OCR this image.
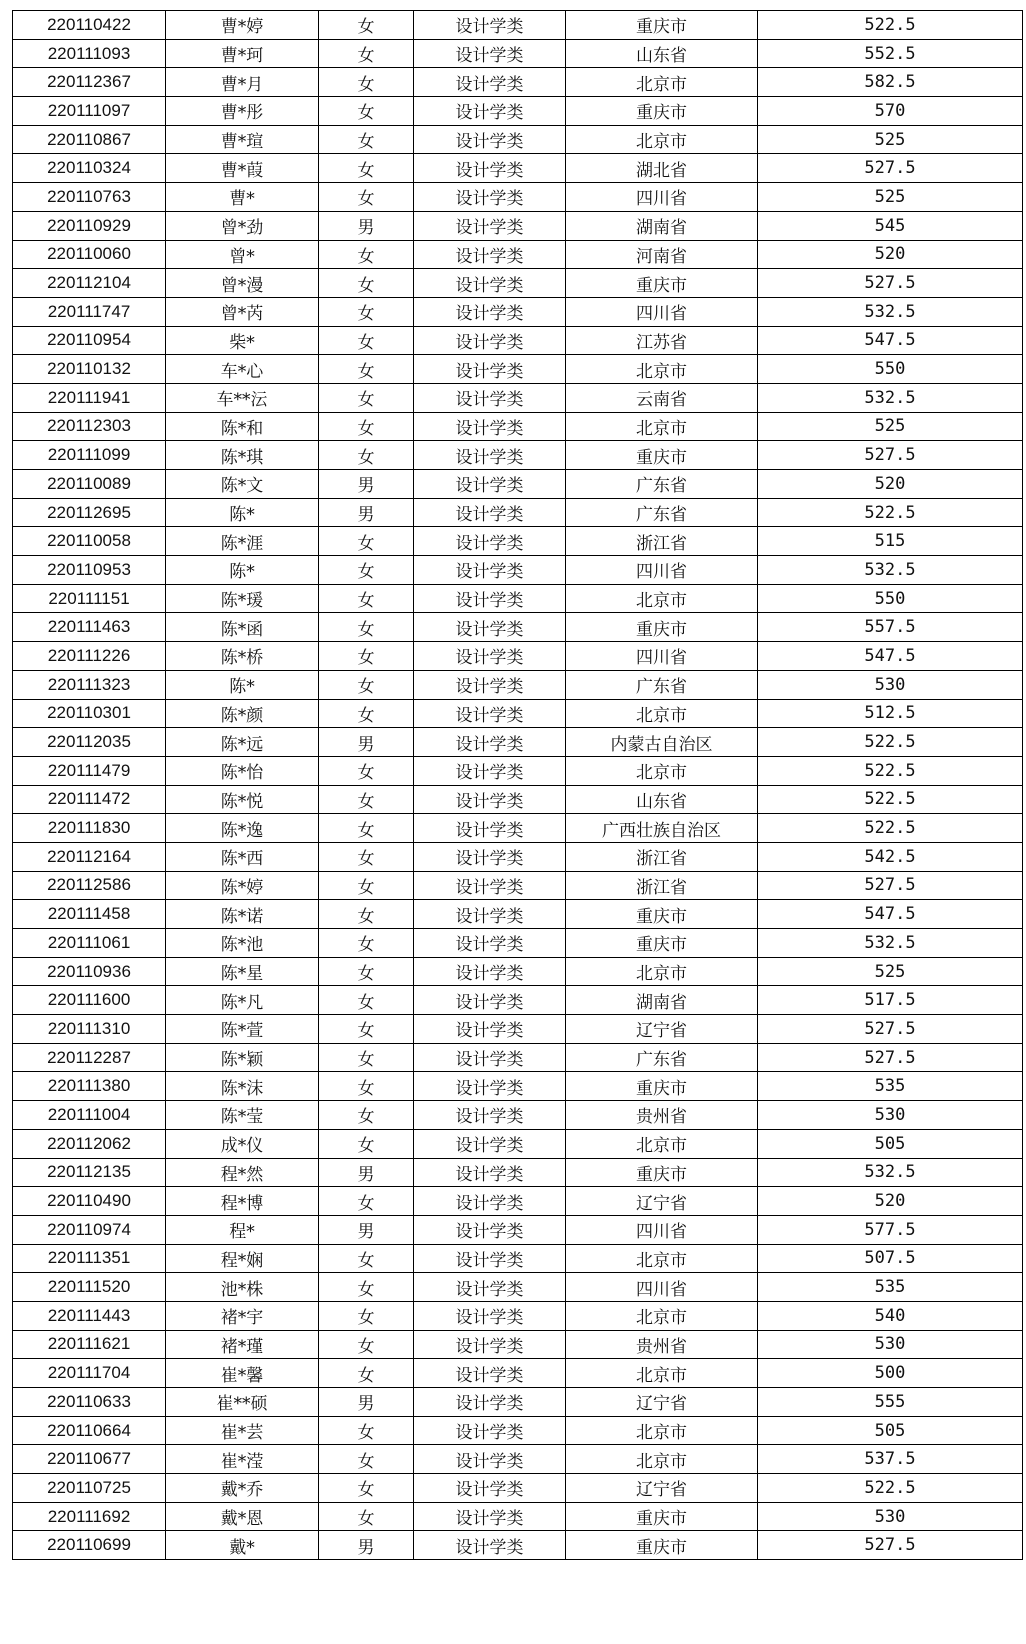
220110422	曹*婷	女	设计学类	重庆市	522.5
220111093	曹*珂	女	设计学类	山东省	552.5
220112367	曹*月	女	设计学类	北京市	582.5
220111097	曹*彤	女	设计学类	重庆市	570
220110867	曹*瑄	女	设计学类	北京市	525
220110324	曹*葭	女	设计学类	湖北省	527.5
220110763	曹*	女	设计学类	四川省	525
220110929	曾*劲	男	设计学类	湖南省	545
220110060	曾*	女	设计学类	河南省	520
220112104	曾*漫	女	设计学类	重庆市	527.5
220111747	曾*芮	女	设计学类	四川省	532.5
220110954	柴*	女	设计学类	江苏省	547.5
220110132	车*心	女	设计学类	北京市	550
220111941	车**沄	女	设计学类	云南省	532.5
220112303	陈*和	女	设计学类	北京市	525
220111099	陈*琪	女	设计学类	重庆市	527.5
220110089	陈*文	男	设计学类	广东省	520
220112695	陈*	男	设计学类	广东省	522.5
220110058	陈*涯	女	设计学类	浙江省	515
220110953	陈*	女	设计学类	四川省	532.5
220111151	陈*瑗	女	设计学类	北京市	550
220111463	陈*函	女	设计学类	重庆市	557.5
220111226	陈*桥	女	设计学类	四川省	547.5
220111323	陈*	女	设计学类	广东省	530
220110301	陈*颜	女	设计学类	北京市	512.5
220112035	陈*远	男	设计学类	内蒙古自治区	522.5
220111479	陈*怡	女	设计学类	北京市	522.5
220111472	陈*悦	女	设计学类	山东省	522.5
220111830	陈*逸	女	设计学类	广西壮族自治区	522.5
220112164	陈*西	女	设计学类	浙江省	542.5
220112586	陈*婷	女	设计学类	浙江省	527.5
220111458	陈*诺	女	设计学类	重庆市	547.5
220111061	陈*池	女	设计学类	重庆市	532.5
220110936	陈*星	女	设计学类	北京市	525
220111600	陈*凡	女	设计学类	湖南省	517.5
220111310	陈*萱	女	设计学类	辽宁省	527.5
220112287	陈*颖	女	设计学类	广东省	527.5
220111380	陈*沫	女	设计学类	重庆市	535
220111004	陈*莹	女	设计学类	贵州省	530
220112062	成*仪	女	设计学类	北京市	505
220112135	程*然	男	设计学类	重庆市	532.5
220110490	程*博	女	设计学类	辽宁省	520
220110974	程*	男	设计学类	四川省	577.5
220111351	程*娴	女	设计学类	北京市	507.5
220111520	池*株	女	设计学类	四川省	535
220111443	褚*宇	女	设计学类	北京市	540
220111621	褚*瑾	女	设计学类	贵州省	530
220111704	崔*馨	女	设计学类	北京市	500
220110633	崔**硕	男	设计学类	辽宁省	555
220110664	崔*芸	女	设计学类	北京市	505
220110677	崔*滢	女	设计学类	北京市	537.5
220110725	戴*乔	女	设计学类	辽宁省	522.5
220111692	戴*恩	女	设计学类	重庆市	530
220110699	戴*	男	设计学类	重庆市	527.5
